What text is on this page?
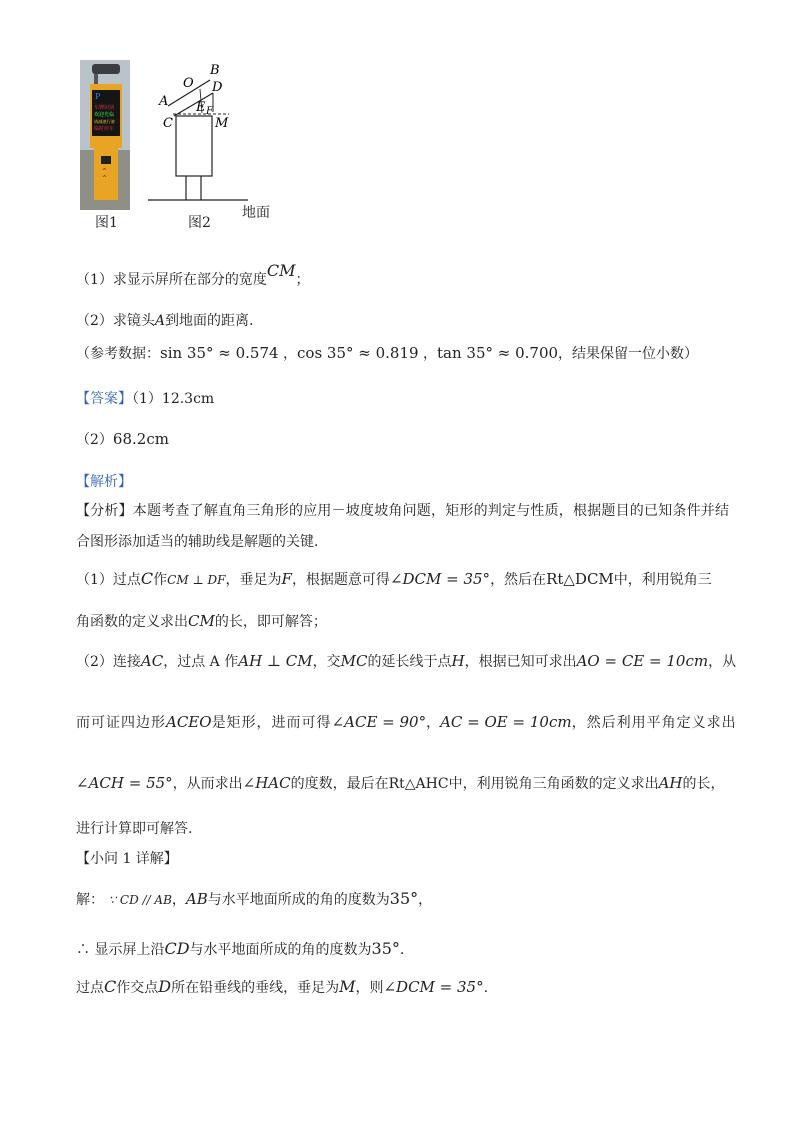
P
车牌识别
欢迎光临
请减速行驶
临时停车
^
^
图1
B
O D
A E F
C	M
地面
图2
（1）求显示屏所在部分的宽度CM；
（2）求镜头A到地面的距离.
（参考数据：sin 35° ≈ 0.574 ，cos 35° ≈ 0.819 ，tan 35° ≈ 0.700，结果保留一位小数）
【答案】（1）12.3cm
（2）68.2cm
【解析】
【分析】本题考查了解直角三角形的应用－坡度坡角问题，矩形的判定与性质，根据题目的已知条件并结
合图形添加适当的辅助线是解题的关键.
（1）过点C作CM ⊥ DF，垂足为F，根据题意可得∠DCM = 35°，然后在Rt△DCM中，利用锐角三
角函数的定义求出CM的长，即可解答；
（2）连接AC，过点 A 作AH ⊥ CM，交MC的延长线于点H，根据已知可求出AO = CE = 10cm，从
而可证四边形ACEO是矩形，进而可得∠ACE = 90°，AC = OE = 10cm，然后利用平角定义求出
∠ACH = 55°，从而求出∠HAC的度数，最后在Rt△AHC中，利用锐角三角函数的定义求出AH的长，
进行计算即可解答.
【小问 1 详解】
解： ∵ CD // AB，AB与水平地面所成的角的度数为35°，
∴ 显示屏上沿CD与水平地面所成的角的度数为35°.
过点C作交点D所在铅垂线的垂线，垂足为M，则∠DCM = 35°.
